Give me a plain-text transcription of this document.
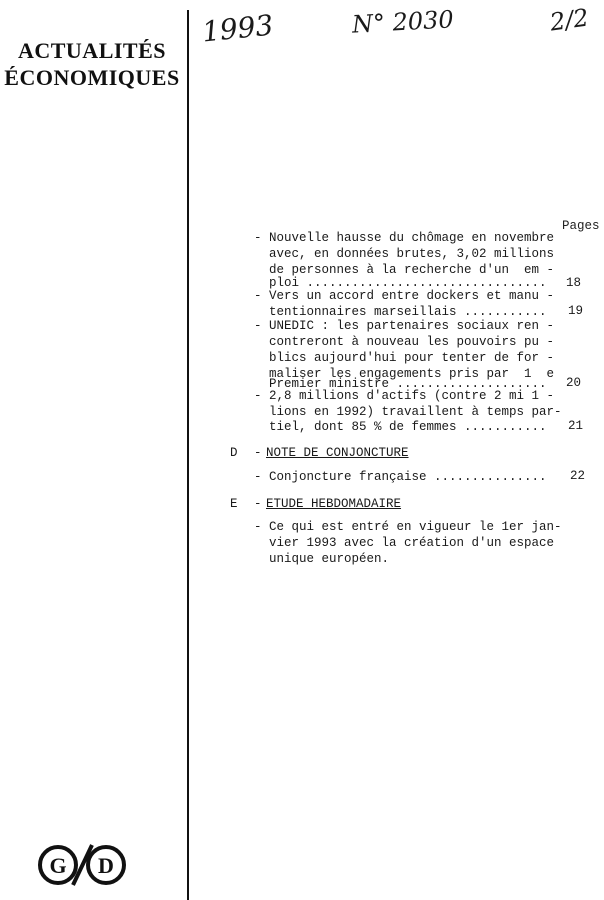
ACTUALITÉS
ÉCONOMIQUES
1993	N° 2030	2/2
Pages
- Nouvelle hausse du chômage en novembre
avec, en données brutes, 3,02 millions
de personnes à la recherche d'un  em -
ploi ................................ 18
- Vers un accord entre dockers et manu -
tentionnaires marseillais ........... 19
- UNEDIC : les partenaires sociaux ren -
contreront à nouveau les pouvoirs pu -
blics aujourd'hui pour tenter de for -
maliser les engagements pris par  1  e
Premier ministre .................... 20
- 2,8 millions d'actifs (contre 2 mi 1 -
lions en 1992) travaillent à temps par-
tiel, dont 85 % de femmes ........... 21
D - NOTE DE CONJONCTURE
- Conjoncture française ............... 22
E - ETUDE HEBDOMADAIRE
- Ce qui est entré en vigueur le 1er jan-
vier 1993 avec la création d'un espace
unique européen.
G D
